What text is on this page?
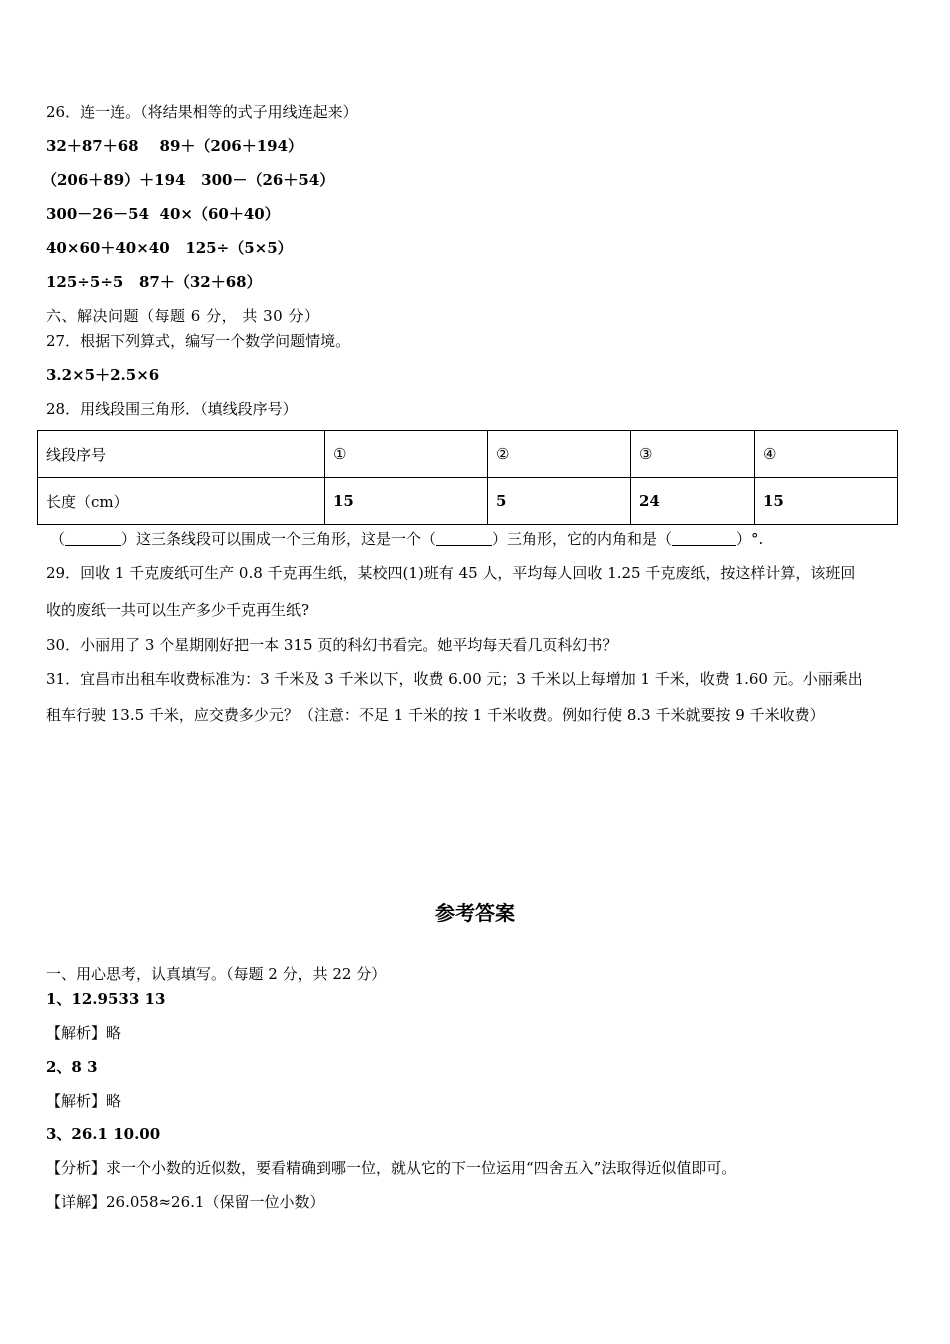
26．连一连。（将结果相等的式子用线连起来）
32＋87＋68 89＋（206＋194）
（206＋89）＋194 300－（26＋54）
300－26－54 40×（60＋40）
40×60＋40×40 125÷（5×5）
125÷5÷5 87＋（32＋68）
六、解决问题（每题 6 分， 共 30 分）
27．根据下列算式，编写一个数学问题情境。
3.2×5＋2.5×6
28．用线段围三角形．（填线段序号）
线段序号	①	②	③	④
长度（cm）	15	5	24	15
（	）这三条线段可以围成一个三角形，这是一个（	）三角形，它的内角和是（	）°.
29．回收 1 千克废纸可生产 0.8 千克再生纸，某校四(1)班有 45 人，平均每人回收 1.25 千克废纸，按这样计算，该班回
收的废纸一共可以生产多少千克再生纸?
30．小丽用了 3 个星期刚好把一本 315 页的科幻书看完。她平均每天看几页科幻书？
31．宜昌市出租车收费标准为：3 千米及 3 千米以下，收费 6.00 元；3 千米以上每增加 1 千米，收费 1.60 元。小丽乘出
租车行驶 13.5 千米，应交费多少元？（注意：不足 1 千米的按 1 千米收费。例如行使 8.3 千米就要按 9 千米收费）
参考答案
一、用心思考，认真填写。（每题 2 分，共 22 分）
1、12.9533 13
【解析】略
2、8 3
【解析】略
3、26.1 10.00
【分析】求一个小数的近似数，要看精确到哪一位，就从它的下一位运用“四舍五入”法取得近似值即可。
【详解】26.058≈26.1（保留一位小数）
